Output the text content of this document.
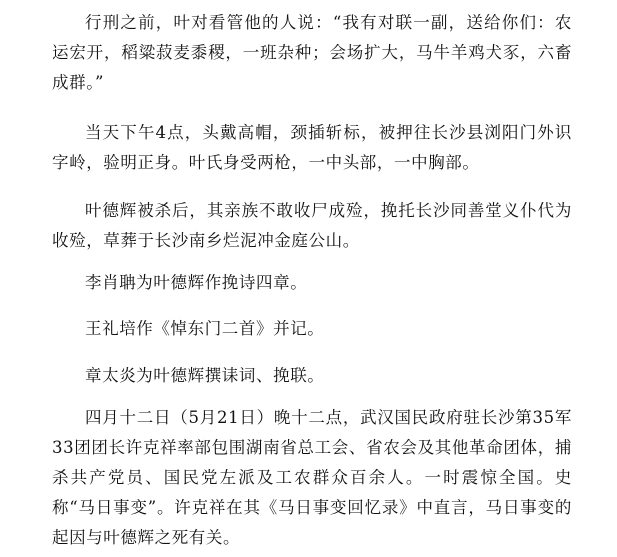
行刑之前，叶对看管他的人说：“我有对联一副，送给你们：农运宏开，稻粱菽麦黍稷，一班杂种；会场扩大，马牛羊鸡犬豕，六畜成群。”

当天下午4点，头戴高帽，颈插斩标，被押往长沙县浏阳门外识字岭，验明正身。叶氏身受两枪，一中头部，一中胸部。

叶德辉被杀后，其亲族不敢收尸成殓，挽托长沙同善堂义仆代为收殓，草葬于长沙南乡烂泥冲金庭公山。

李肖聃为叶德辉作挽诗四章。

王礼培作《悼东门二首》并记。

章太炎为叶德辉撰诔词、挽联。

四月十二日（5月21日）晚十二点，武汉国民政府驻长沙第35军33团团长许克祥率部包围湖南省总工会、省农会及其他革命团体，捕杀共产党员、国民党左派及工农群众百余人。一时震惊全国。史称“马日事变”。许克祥在其《马日事变回忆录》中直言，马日事变的起因与叶德辉之死有关。
